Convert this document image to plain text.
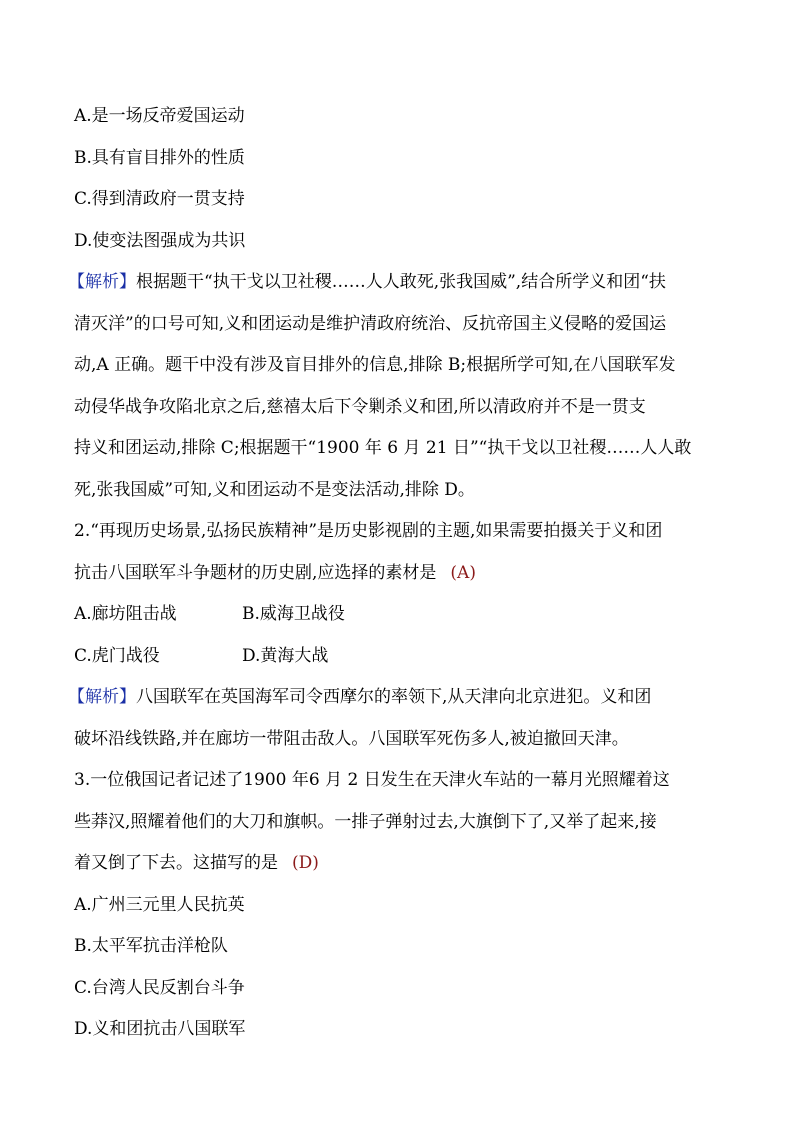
A.是一场反帝爱国运动
B.具有盲目排外的性质
C.得到清政府一贯支持
D.使变法图强成为共识
【解析】根据题干“执干戈以卫社稷……人人敢死,张我国威”,结合所学义和团“扶
清灭洋”的口号可知,义和团运动是维护清政府统治、反抗帝国主义侵略的爱国运
动,A 正确。题干中没有涉及盲目排外的信息,排除 B;根据所学可知,在八国联军发
动侵华战争攻陷北京之后,慈禧太后下令剿杀义和团,所以清政府并不是一贯支
持义和团运动,排除 C;根据题干“1900 年 6 月 21 日”“执干戈以卫社稷……人人敢
死,张我国威”可知,义和团运动不是变法活动,排除 D。
2.“再现历史场景,弘扬民族精神”是历史影视剧的主题,如果需要拍摄关于义和团
抗击八国联军斗争题材的历史剧,应选择的素材是 (A)
A.廊坊阻击战	B.威海卫战役
C.虎门战役	D.黄海大战
【解析】八国联军在英国海军司令西摩尔的率领下,从天津向北京进犯。义和团
破坏沿线铁路,并在廊坊一带阻击敌人。八国联军死伤多人,被迫撤回天津。
3.一位俄国记者记述了1900 年6 月 2 日发生在天津火车站的一幕月光照耀着这
些莽汉,照耀着他们的大刀和旗帜。一排子弹射过去,大旗倒下了,又举了起来,接
着又倒了下去。这描写的是 (D)
A.广州三元里人民抗英
B.太平军抗击洋枪队
C.台湾人民反割台斗争
D.义和团抗击八国联军
